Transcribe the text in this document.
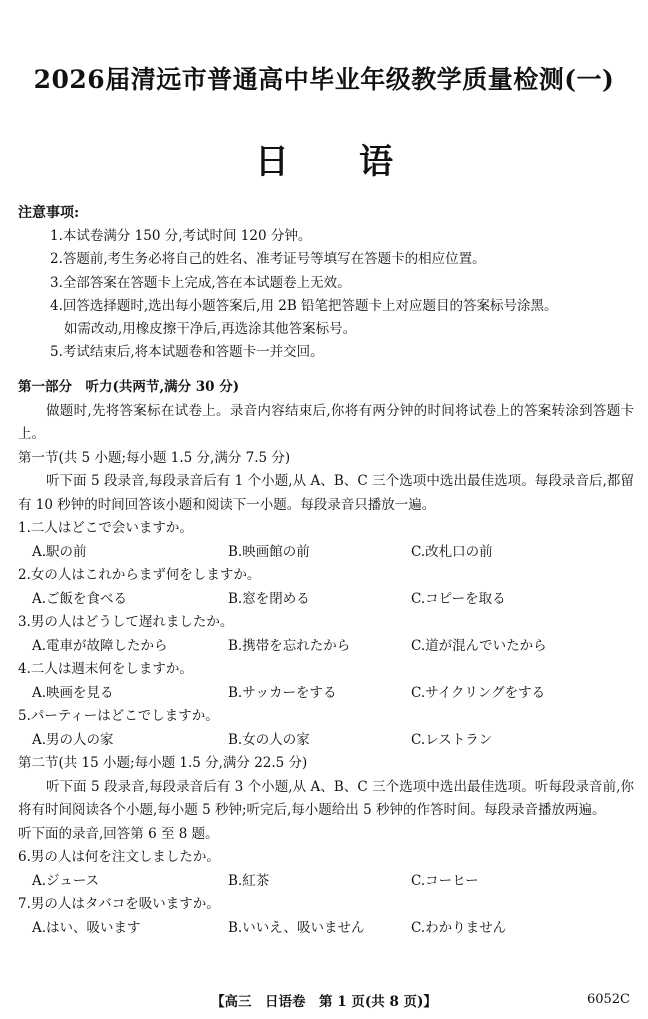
2026届清远市普通高中毕业年级教学质量检测(一)
日语
注意事项:
1.本试卷满分 150 分,考试时间 120 分钟。
2.答题前,考生务必将自己的姓名、准考证号等填写在答题卡的相应位置。
3.全部答案在答题卡上完成,答在本试题卷上无效。
4.回答选择题时,选出每小题答案后,用 2B 铅笔把答题卡上对应题目的答案标号涂黑。
如需改动,用橡皮擦干净后,再选涂其他答案标号。
5.考试结束后,将本试题卷和答题卡一并交回。
第一部分　听力(共两节,满分 30 分)
做题时,先将答案标在试卷上。录音内容结束后,你将有两分钟的时间将试卷上的答案转涂到答题卡上。
第一节(共 5 小题;每小题 1.5 分,满分 7.5 分)
听下面 5 段录音,每段录音后有 1 个小题,从 A、B、C 三个选项中选出最佳选项。每段录音后,都留有 10 秒钟的时间回答该小题和阅读下一小题。每段录音只播放一遍。
1.二人はどこで会いますか。
A.駅の前	B.映画館の前	C.改札口の前
2.女の人はこれからまず何をしますか。
A.ご飯を食べる	B.窓を閉める	C.コピーを取る
3.男の人はどうして遅れましたか。
A.電車が故障したから	B.携帯を忘れたから	C.道が混んでいたから
4.二人は週末何をしますか。
A.映画を見る	B.サッカーをする	C.サイクリングをする
5.パーティーはどこでしますか。
A.男の人の家	B.女の人の家	C.レストラン
第二节(共 15 小题;每小题 1.5 分,满分 22.5 分)
听下面 5 段录音,每段录音后有 3 个小题,从 A、B、C 三个选项中选出最佳选项。听每段录音前,你将有时间阅读各个小题,每小题 5 秒钟;听完后,每小题给出 5 秒钟的作答时间。每段录音播放两遍。
听下面的录音,回答第 6 至 8 题。
6.男の人は何を注文しましたか。
A.ジュース	B.紅茶	C.コーヒー
7.男の人はタバコを吸いますか。
A.はい、吸います	B.いいえ、吸いません	C.わかりません
【高三　日语卷　第 1 页(共 8 页)】	6052C
